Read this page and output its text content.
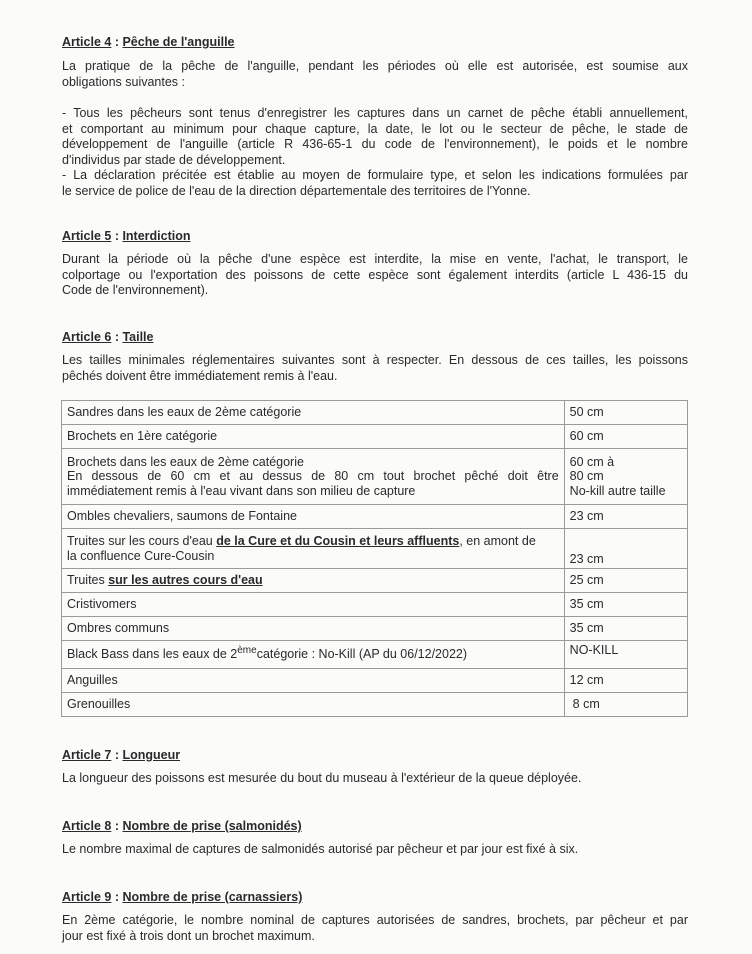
Article 4 : Pêche de l'anguille
La pratique de la pêche de l'anguille, pendant les périodes où elle est autorisée, est soumise aux
obligations suivantes :
- Tous les pêcheurs sont tenus d'enregistrer les captures dans un carnet de pêche établi annuellement,
et comportant au minimum pour chaque capture, la date, le lot ou le secteur de pêche, le stade de
développement de l'anguille (article R 436-65-1 du code de l'environnement), le poids et le nombre
d'individus par stade de développement.
- La déclaration précitée est établie au moyen de formulaire type, et selon les indications formulées par
le service de police de l'eau de la direction départementale des territoires de l'Yonne.
Article 5 : Interdiction
Durant la période où la pêche d'une espèce est interdite, la mise en vente, l'achat, le transport, le
colportage ou l'exportation des poissons de cette espèce sont également interdits (article L 436-15 du
Code de l'environnement).
Article 6 : Taille
Les tailles minimales réglementaires suivantes sont à respecter. En dessous de ces tailles, les poissons
pêchés doivent être immédiatement remis à l'eau.
Sandres dans les eaux de 2ème catégorie	50 cm
Brochets en 1ère catégorie	60 cm

Brochets dans les eaux de 2ème catégorie
En dessous de 60 cm et au dessus de 80 cm tout brochet pêché doit être
immédiatement remis à l'eau vivant dans son milieu de capture	60 cm à
80 cm
No-kill autre taille

Ombles chevaliers, saumons de Fontaine	23 cm

Truites sur les cours d'eau de la Cure et du Cousin et leurs affluents, en amont de
la confluence Cure-Cousin	23 cm
Truites sur les autres cours d'eau	25 cm
Cristivomers	35 cm
Ombres communs	35 cm
Black Bass dans les eaux de 2èmecatégorie : No-Kill (AP du 06/12/2022)	NO-KILL
Anguilles	12 cm
Grenouilles	8 cm
Article 7 : Longueur
La longueur des poissons est mesurée du bout du museau à l'extérieur de la queue déployée.
Article 8 : Nombre de prise (salmonidés)
Le nombre maximal de captures de salmonidés autorisé par pêcheur et par jour est fixé à six.
Article 9 : Nombre de prise (carnassiers)
En 2ème catégorie, le nombre nominal de captures autorisées de sandres, brochets, par pêcheur et par
jour est fixé à trois dont un brochet maximum.
